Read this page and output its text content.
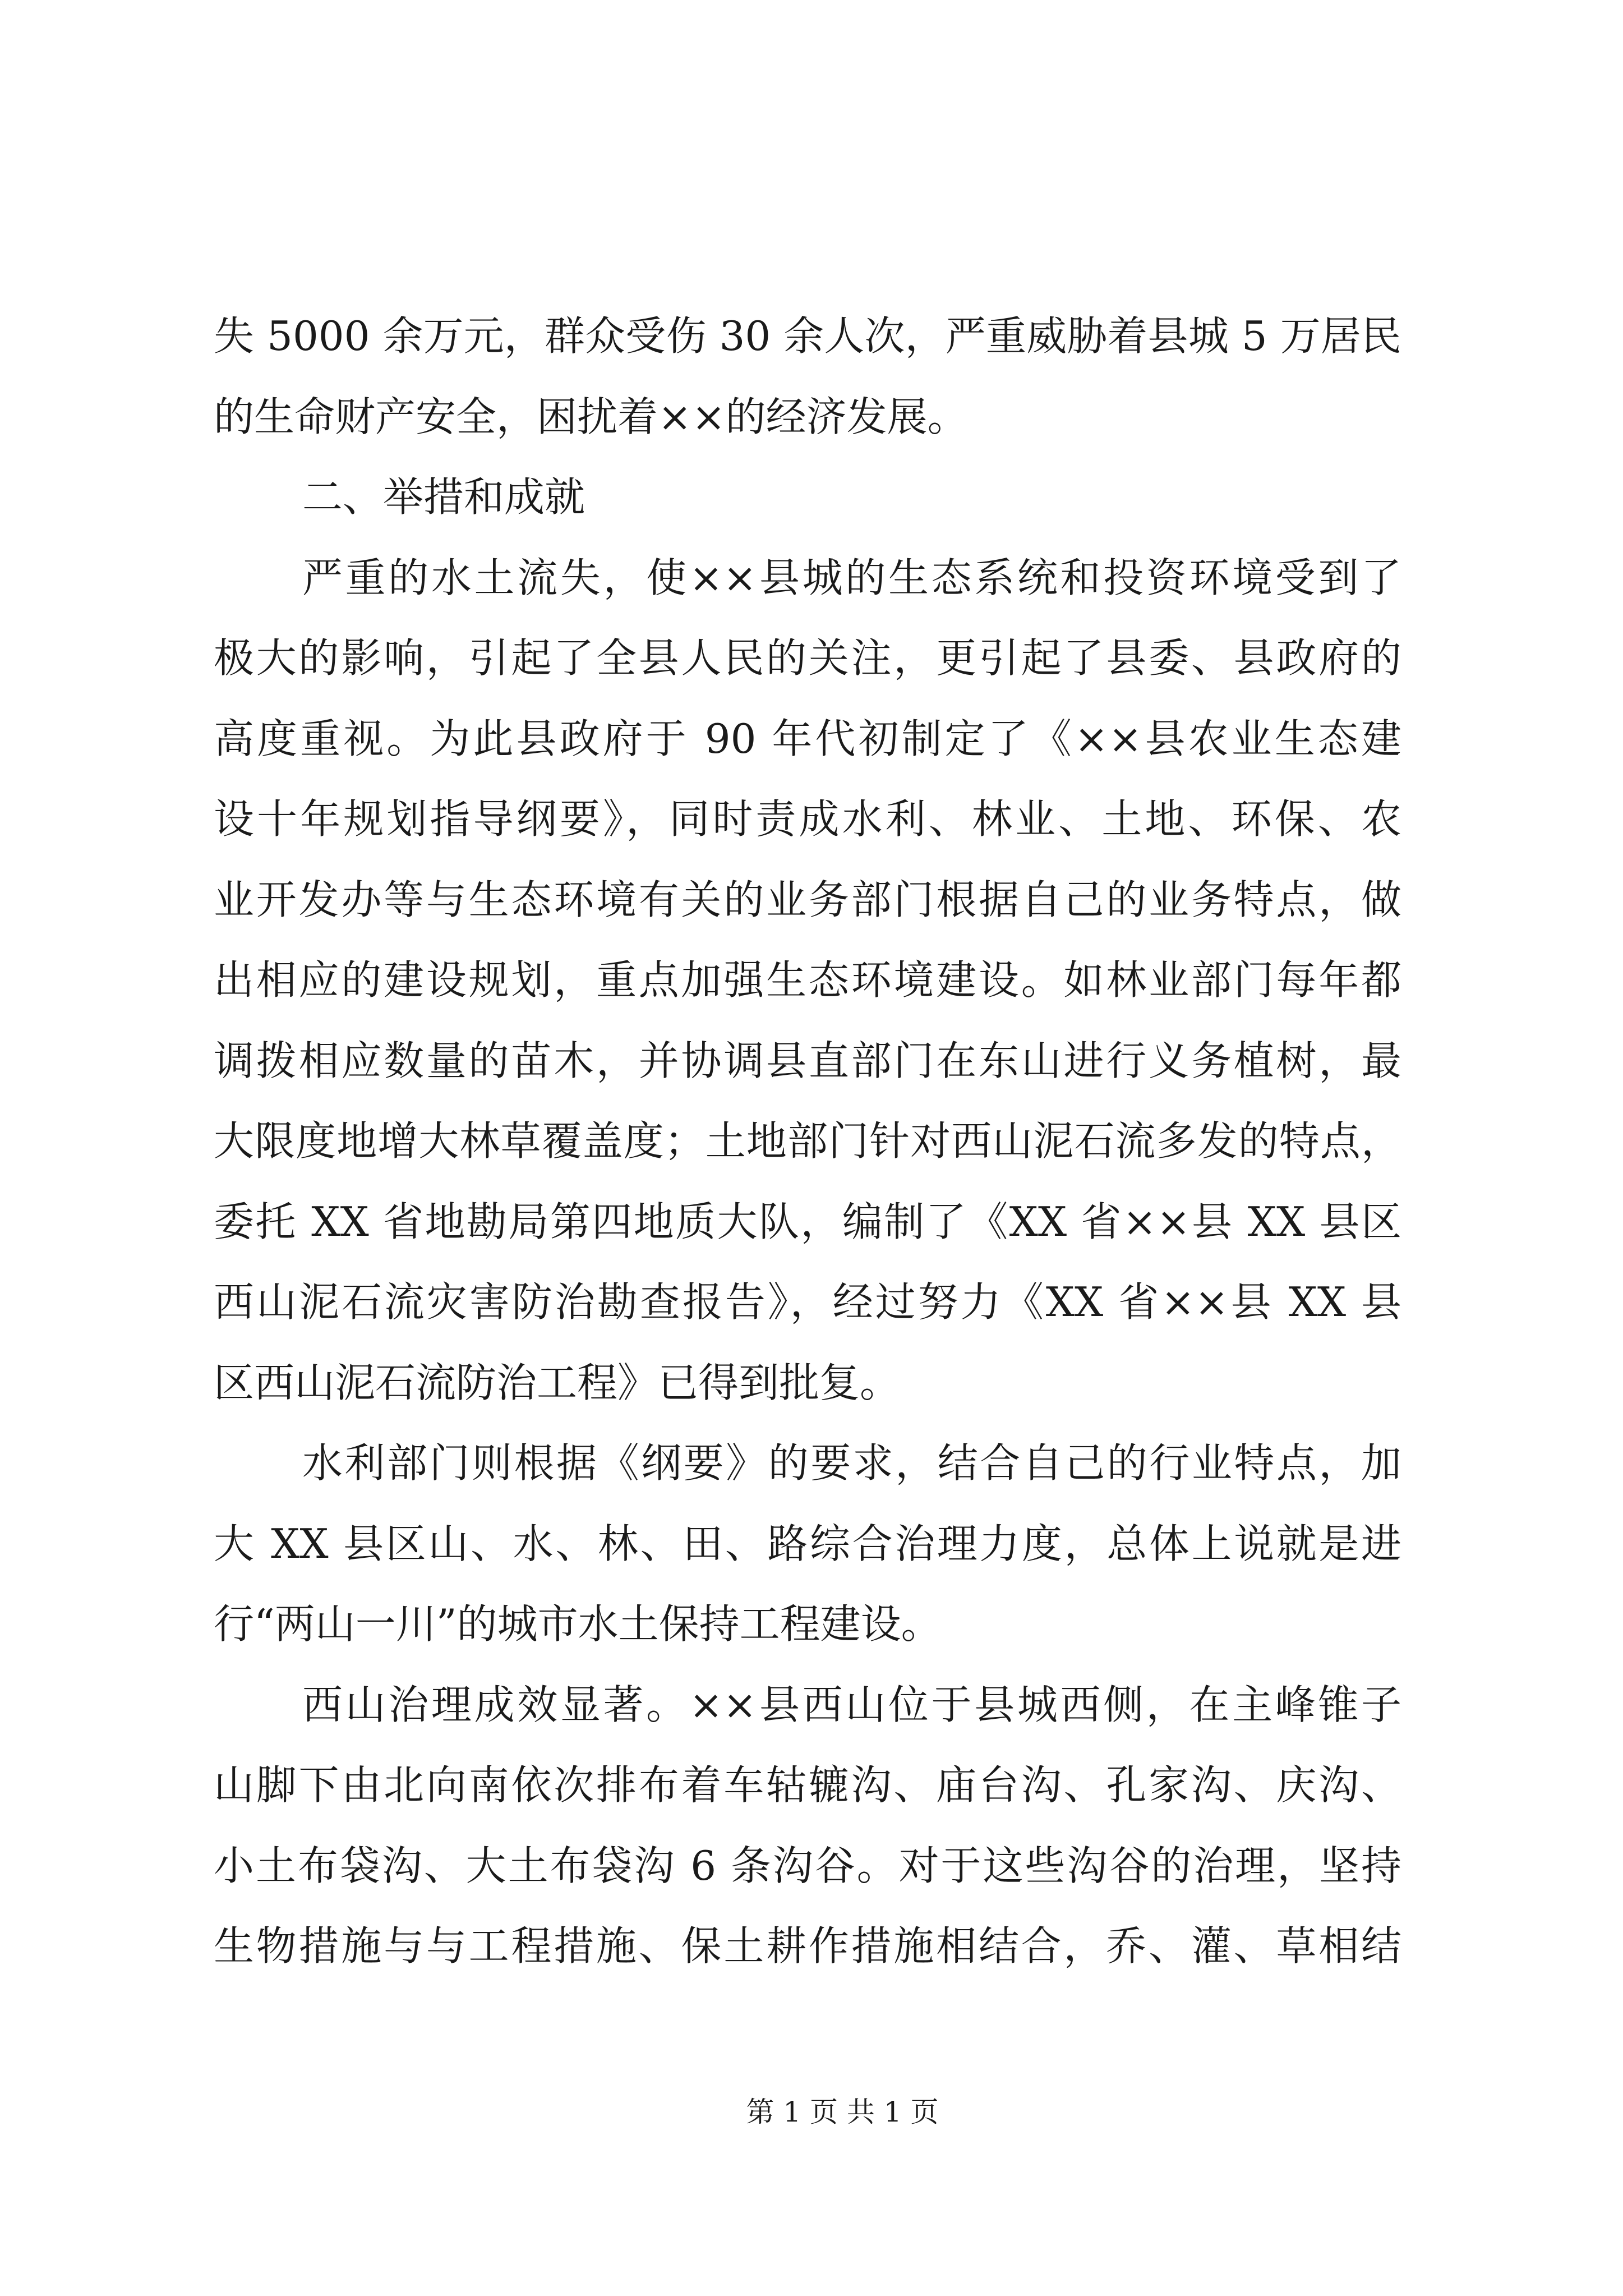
失 5000 余万元，群众受伤 30 余人次，严重威胁着县城 5 万居民
的生命财产安全，困扰着××的经济发展。
二、举措和成就
严重的水土流失，使××县城的生态系统和投资环境受到了
极大的影响，引起了全县人民的关注，更引起了县委、县政府的
高度重视。为此县政府于 90 年代初制定了《××县农业生态建
设十年规划指导纲要》，同时责成水利、林业、土地、环保、农
业开发办等与生态环境有关的业务部门根据自己的业务特点，做
出相应的建设规划，重点加强生态环境建设。如林业部门每年都
调拨相应数量的苗木，并协调县直部门在东山进行义务植树，最
大限度地增大林草覆盖度；土地部门针对西山泥石流多发的特点，
委托 XX 省地勘局第四地质大队，编制了《XX 省××县 XX 县区
西山泥石流灾害防治勘查报告》，经过努力《XX 省××县 XX 县
区西山泥石流防治工程》已得到批复。
水利部门则根据《纲要》的要求，结合自己的行业特点，加
大 XX 县区山、水、林、田、路综合治理力度，总体上说就是进
行“两山一川”的城市水土保持工程建设。
西山治理成效显著。××县西山位于县城西侧，在主峰锥子
山脚下由北向南依次排布着车轱辘沟、庙台沟、孔家沟、庆沟、
小土布袋沟、大土布袋沟 6 条沟谷。对于这些沟谷的治理，坚持
生物措施与与工程措施、保土耕作措施相结合，乔、灌、草相结
第 1 页 共 1 页
